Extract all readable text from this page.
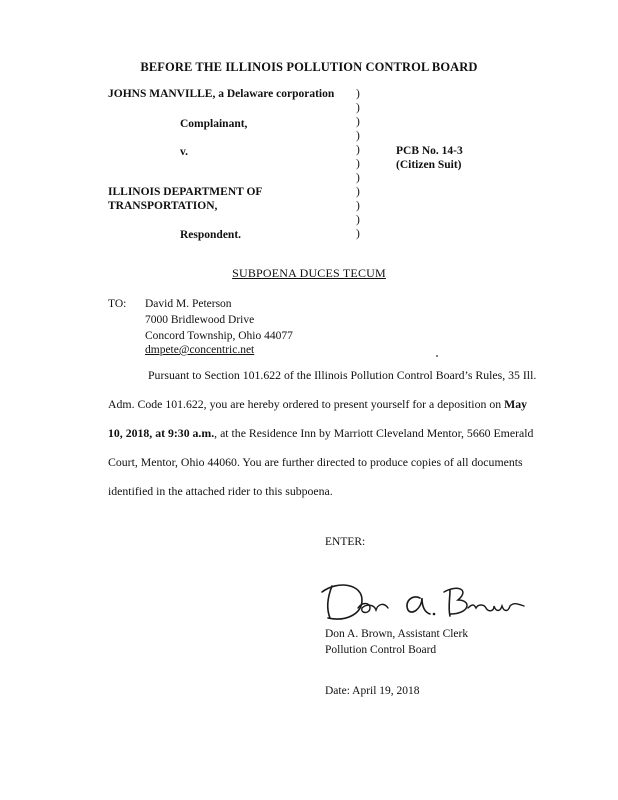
BEFORE THE ILLINOIS POLLUTION CONTROL BOARD
JOHNS MANVILLE, a Delaware corporation
Complainant,
v.
ILLINOIS DEPARTMENT OF
TRANSPORTATION,
Respondent.
)
)
)
)
)
)
)
)
)
)
)
PCB No. 14-3
(Citizen Suit)
SUBPOENA DUCES TECUM
TO: David M. Peterson
7000 Bridlewood Drive
Concord Township, Ohio 44077
dmpete@concentric.net
Pursuant to Section 101.622 of the Illinois Pollution Control Board’s Rules, 35 Ill.
Adm. Code 101.622, you are hereby ordered to present yourself for a deposition on May
10, 2018, at 9:30 a.m., at the Residence Inn by Marriott Cleveland Mentor, 5660 Emerald
Court, Mentor, Ohio 44060. You are further directed to produce copies of all documents
identified in the attached rider to this subpoena.
ENTER:
Don A. Brown, Assistant Clerk
Pollution Control Board
Date: April 19, 2018
